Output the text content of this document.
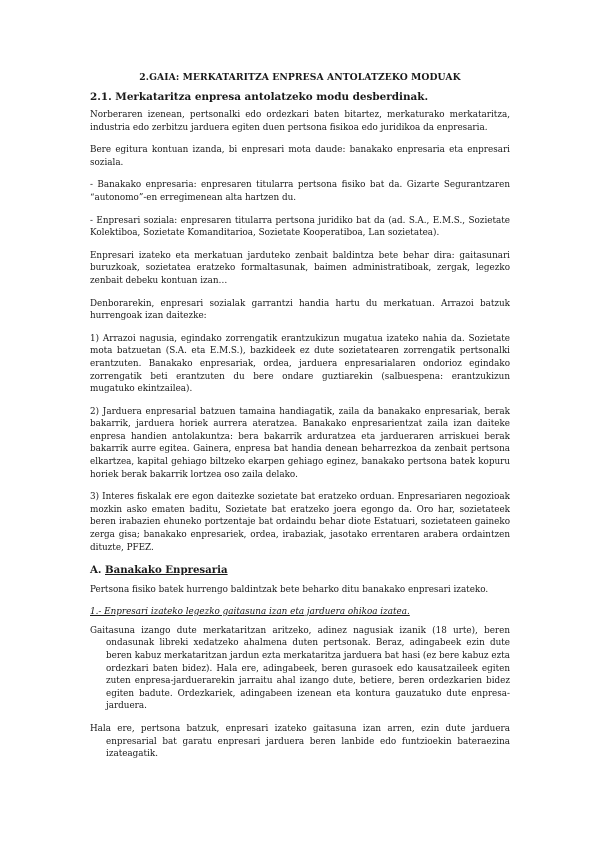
2.GAIA: MERKATARITZA ENPRESA ANTOLATZEKO MODUAK
2.1. Merkataritza enpresa antolatzeko modu desberdinak.

Norberaren izenean, pertsonalki edo ordezkari baten bitartez, merkaturako merkataritza, industria edo zerbitzu jarduera egiten duen pertsona fisikoa edo juridikoa da enpresaria.

Bere egitura kontuan izanda, bi enpresari mota daude: banakako enpresaria eta enpresari soziala.

- Banakako enpresaria: enpresaren titularra pertsona fisiko bat da. Gizarte Segurantzaren “autonomo”-en erregimenean alta hartzen du.

- Enpresari soziala: enpresaren titularra pertsona juridiko bat da (ad. S.A., E.M.S., Sozietate Kolektiboa, Sozietate Komanditarioa, Sozietate Kooperatiboa, Lan sozietatea).

Enpresari izateko eta merkatuan jarduteko zenbait baldintza bete behar dira: gaitasunari buruzkoak, sozietatea eratzeko formaltasunak, baimen administratiboak, zergak, legezko zenbait debeku kontuan izan…

Denborarekin, enpresari sozialak garrantzi handia hartu du merkatuan. Arrazoi batzuk hurrengoak izan daitezke:

1) Arrazoi nagusia, egindako zorrengatik erantzukizun mugatua izateko nahia da. Sozietate mota batzuetan (S.A. eta E.M.S.), bazkideek ez dute sozietatearen zorrengatik pertsonalki erantzuten. Banakako enpresariak, ordea, jarduera enpresarialaren ondorioz egindako zorrengatik beti erantzuten du bere ondare guztiarekin (salbuespena: erantzukizun mugatuko ekintzailea).

2) Jarduera enpresarial batzuen tamaina handiagatik, zaila da banakako enpresariak, berak bakarrik, jarduera horiek aurrera ateratzea. Banakako enpresarientzat zaila izan daiteke enpresa handien antolakuntza: bera bakarrik arduratzea eta jardueraren arriskuei berak bakarrik aurre egitea. Gainera, enpresa bat handia denean beharrezkoa da zenbait pertsona elkartzea, kapital gehiago biltzeko ekarpen gehiago eginez, banakako pertsona batek kopuru horiek berak bakarrik lortzea oso zaila delako.

3) Interes fiskalak ere egon daitezke sozietate bat eratzeko orduan. Enpresariaren negozioak mozkin asko ematen baditu, Sozietate bat eratzeko joera egongo da. Oro har, sozietateek beren irabazien ehuneko portzentaje bat ordaindu behar diote Estatuari, sozietateen gaineko zerga gisa; banakako enpresariek, ordea, irabaziak, jasotako errentaren arabera ordaintzen dituzte, PFEZ.

A. Banakako Enpresaria

Pertsona fisiko batek hurrengo baldintzak bete beharko ditu banakako enpresari izateko.

1.- Enpresari izateko legezko gaitasuna izan eta jarduera ohikoa izatea.

Gaitasuna izango dute merkataritzan aritzeko, adinez nagusiak izanik (18 urte), beren ondasunak libreki xedatzeko ahalmena duten pertsonak. Beraz, adingabeek ezin dute beren kabuz merkataritzan jardun ezta merkataritza jarduera bat hasi (ez bere kabuz ezta ordezkari baten bidez). Hala ere, adingabeek, beren gurasoek edo kausatzaileek egiten zuten enpresa-jarduerarekin jarraitu ahal izango dute, betiere, beren ordezkarien bidez egiten badute. Ordezkariek, adingabeen izenean eta kontura gauzatuko dute enpresa-jarduera.

Hala ere, pertsona batzuk, enpresari izateko gaitasuna izan arren, ezin dute jarduera enpresarial bat garatu enpresari jarduera beren lanbide edo funtzioekin bateraezina izateagatik.
